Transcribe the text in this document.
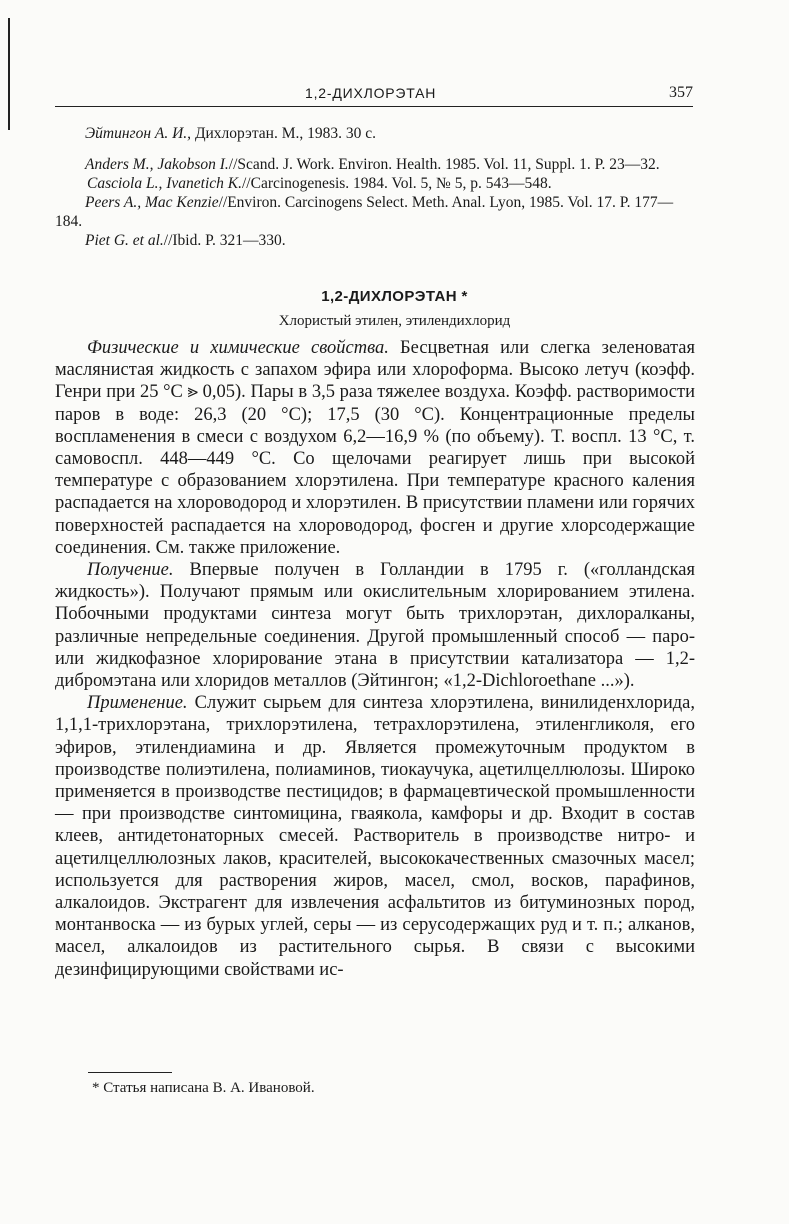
1,2-ДИХЛОРЭТАН	357

Эйтингон А. И., Дихлорэтан. М., 1983. 30 с.

Anders M., Jakobson I.//Scand. J. Work. Environ. Health. 1985. Vol. 11, Suppl. 1. P. 23—32.

Casciola L., Ivanetich K.//Carcinogenesis. 1984. Vol. 5, № 5, p. 543—548.

Peers A., Mac Kenzie//Environ. Carcinogens Select. Meth. Anal. Lyon, 1985. Vol. 17. P. 177—184.

Piet G. et al.//Ibid. P. 321—330.

1,2-ДИХЛОРЭТАН *
Хлористый этилен, этилендихлорид

Физические и химические свойства. Бесцветная или слегка зеленоватая маслянистая жидкость с запахом эфира или хлороформа. Высоко летуч (коэфф. Генри при 25 °С ⪢ 0,05). Пары в 3,5 раза тяжелее воздуха. Коэфф. растворимости паров в воде: 26,3 (20 °С); 17,5 (30 °С). Концентрационные пределы воспламенения в смеси с воздухом 6,2—16,9 % (по объему). Т. воспл. 13 °С, т. самовоспл. 448—449 °С. Со щелочами реагирует лишь при высокой температуре с образованием хлорэтилена. При температуре красного каления распадается на хлороводород и хлорэтилен. В присутствии пламени или горячих поверхностей распадается на хлороводород, фосген и другие хлорсодержащие соединения. См. также приложение.

Получение. Впервые получен в Голландии в 1795 г. («голландская жидкость»). Получают прямым или окислительным хлорированием этилена. Побочными продуктами синтеза могут быть трихлорэтан, дихлоралканы, различные непредельные соединения. Другой промышленный способ — паро- или жидкофазное хлорирование этана в присутствии катализатора — 1,2-дибромэтана или хлоридов металлов (Эйтингон; «1,2-Dichloroethane ...»).

Применение. Служит сырьем для синтеза хлорэтилена, винилиденхлорида, 1,1,1-трихлорэтана, трихлорэтилена, тетрахлорэтилена, этиленгликоля, его эфиров, этилендиамина и др. Является промежуточным продуктом в производстве полиэтилена, полиаминов, тиокаучука, ацетилцеллюлозы. Широко применяется в производстве пестицидов; в фармацевтической промышленности — при производстве синтомицина, гваякола, камфоры и др. Входит в состав клеев, антидетонаторных смесей. Растворитель в производстве нитро- и ацетилцеллюлозных лаков, красителей, высококачественных смазочных масел; используется для растворения жиров, масел, смол, восков, парафинов, алкалоидов. Экстрагент для извлечения асфальтитов из битуминозных пород, монтанвоска — из бурых углей, серы — из серусодержащих руд и т. п.; алканов, масел, алкалоидов из растительного сырья. В связи с высокими дезинфицирующими свойствами ис-

* Статья написана В. А. Ивановой.
